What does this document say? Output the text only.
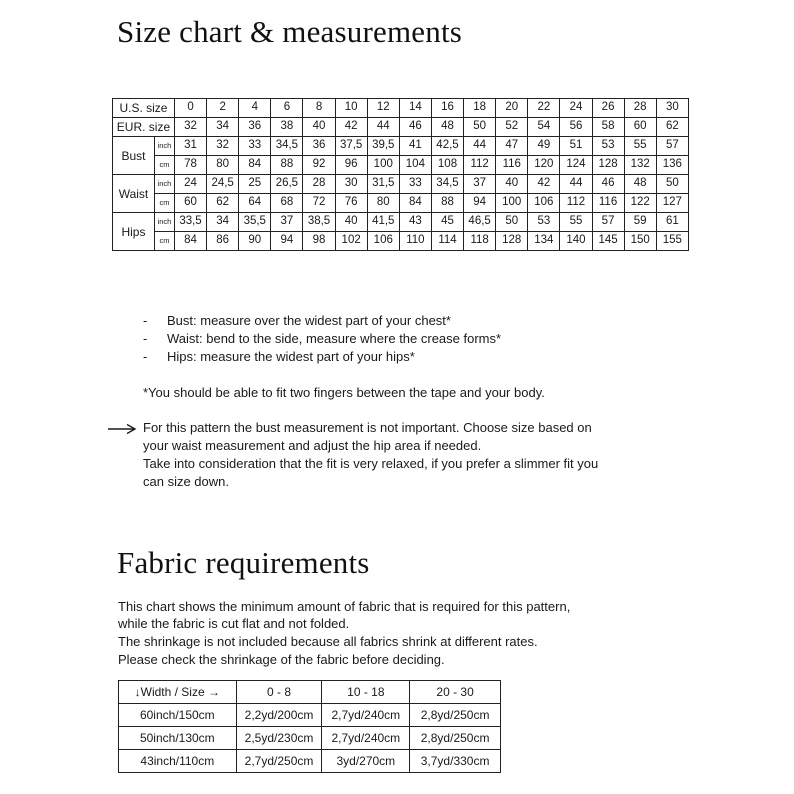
Size chart & measurements
U.S. size		0	2	4	6	8	10	12	14	16	18	20	22	24	26	28	30
EUR. size		32	34	36	38	40	42	44	46	48	50	52	54	56	58	60	62
Bust	inch	31	32	33	34,5	36	37,5	39,5	41	42,5	44	47	49	51	53	55	57
	cm	78	80	84	88	92	96	100	104	108	112	116	120	124	128	132	136
Waist	inch	24	24,5	25	26,5	28	30	31,5	33	34,5	37	40	42	44	46	48	50
	cm	60	62	64	68	72	76	80	84	88	94	100	106	112	116	122	127
Hips	inch	33,5	34	35,5	37	38,5	40	41,5	43	45	46,5	50	53	55	57	59	61
	cm	84	86	90	94	98	102	106	110	114	118	128	134	140	145	150	155
- Bust: measure over the widest part of your chest*
- Waist: bend to the side, measure where the crease forms*
- Hips: measure the widest part of your hips*

*You should be able to fit two fingers between the tape and your body.

For this pattern the bust measurement is not important. Choose size based on

your waist measurement and adjust the hip area if needed.

Take into consideration that the fit is very relaxed, if you prefer a slimmer fit you

can size down.

Fabric requirements

This chart shows the minimum amount of fabric that is required for this pattern,

while the fabric is cut flat and not folded.

The shrinkage is not included because all fabrics shrink at different rates.

Please check the shrinkage of the fabric before deciding.

↓Width / Size →	0 - 8	10 - 18	20 - 30
60inch/150cm	2,2yd/200cm	2,7yd/240cm	2,8yd/250cm
50inch/130cm	2,5yd/230cm	2,7yd/240cm	2,8yd/250cm
43inch/110cm	2,7yd/250cm	3yd/270cm	3,7yd/330cm
